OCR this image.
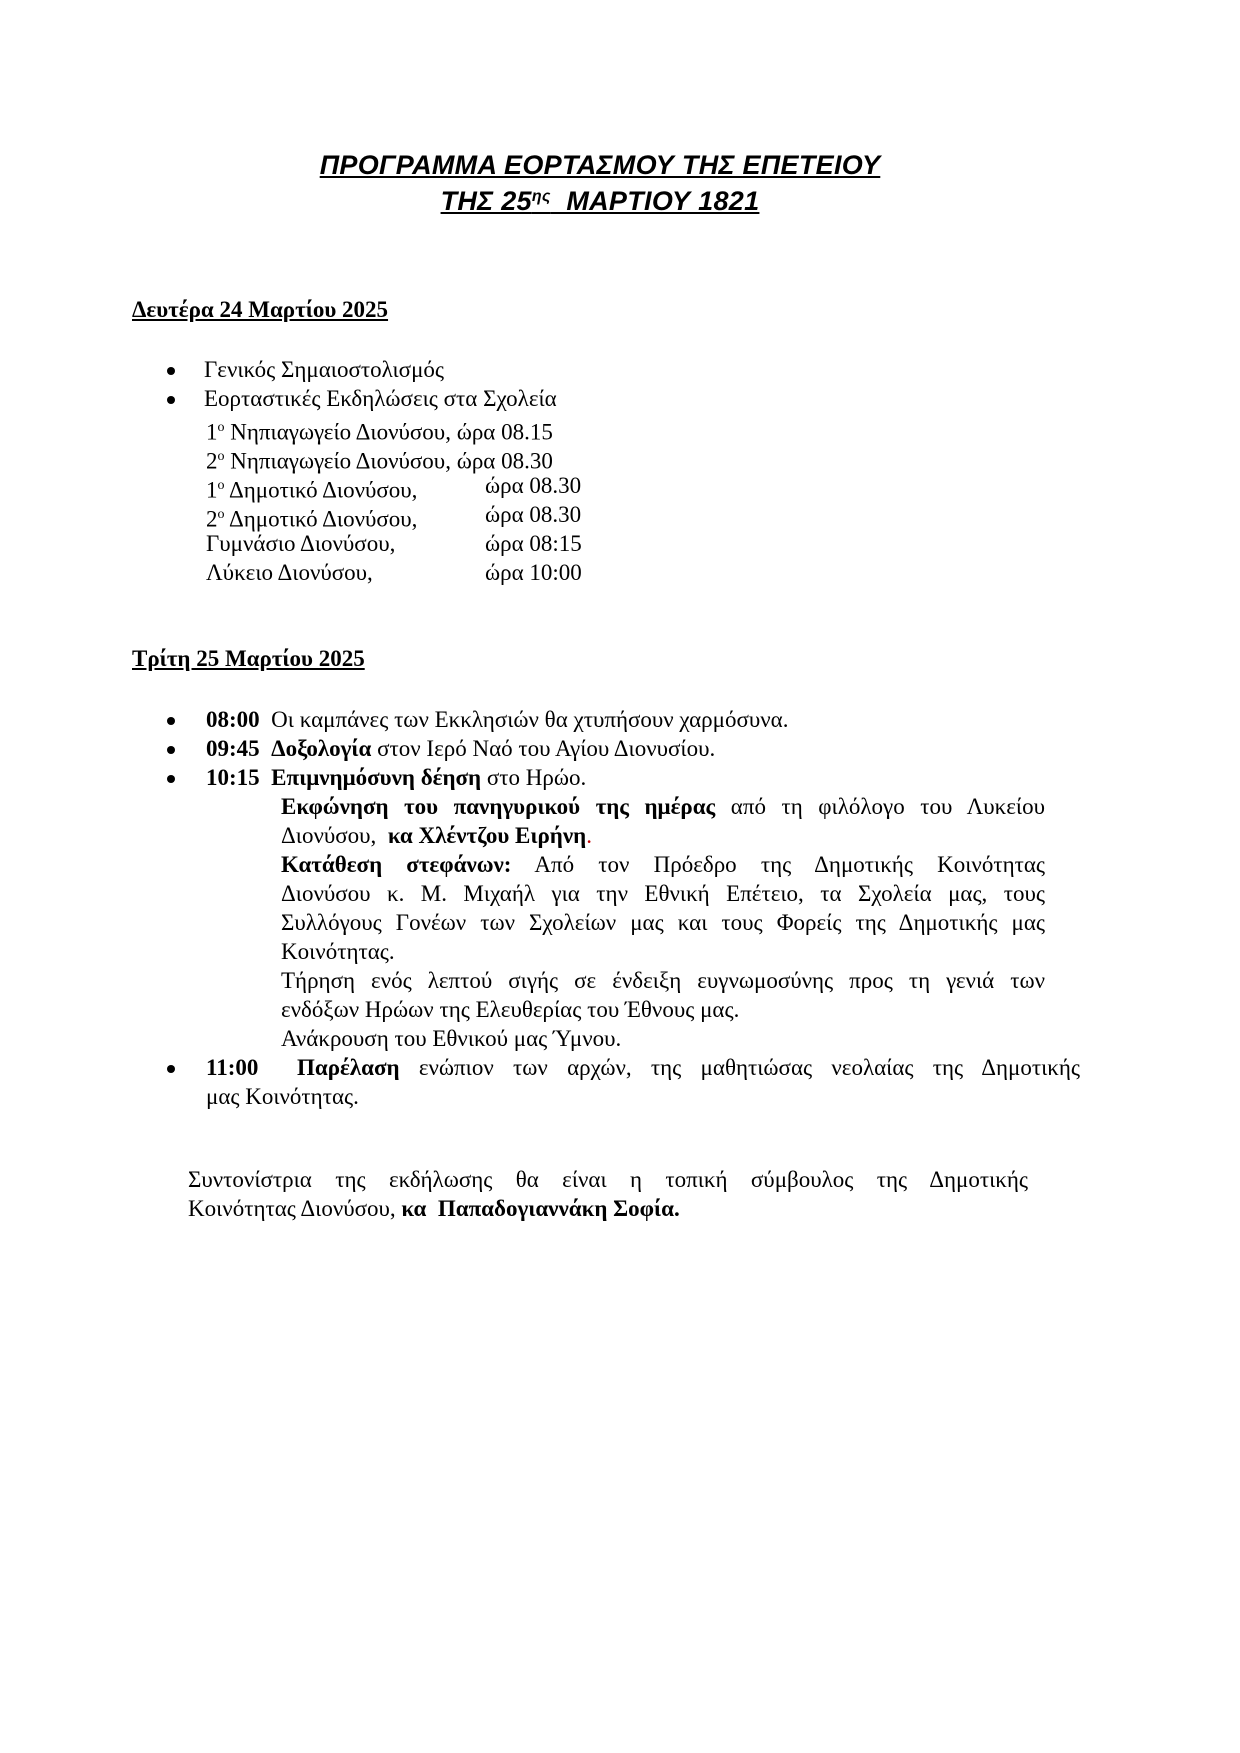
ΠΡΟΓΡΑΜΜΑ ΕΟΡΤΑΣΜΟΥ ΤΗΣ ΕΠΕΤΕΙΟΥ
ΤΗΣ $25^{\eta\varsigma}$  ΜΑΡΤΙΟΥ 1821
Δευτέρα 24 Μαρτίου 2025
Γενικός Σημαιοστολισμός
Εορταστικές Εκδηλώσεις στα Σχολεία
$1^o$ Νηπιαγωγείο Διονύσου, ώρα 08.15
$2^o$ Νηπιαγωγείο Διονύσου, ώρα 08.30
$1^o$ Δημοτικό Διονύσου,	ώρα 08.30
$2^o$ Δημοτικό Διονύσου,	ώρα 08.30
Γυμνάσιο Διονύσου,	ώρα 08:15
Λύκειο Διονύσου,	ώρα 10:00
Τρίτη 25 Μαρτίου 2025
08:00  Οι καμπάνες των Εκκλησιών θα χτυπήσουν χαρμόσυνα.
09:45 Δοξολογία στον Ιερό Ναό του Αγίου Διονυσίου.
10:15 Επιμνημόσυνη δέηση στο Ηρώο.
Εκφώνηση του πανηγυρικού της ημέρας από τη φιλόλογο του Λυκείου
Διονύσου,  κα Χλέντζου Ειρήνη.
Κατάθεση στεφάνων: Από τον Πρόεδρο της Δημοτικής Κοινότητας
Διονύσου κ. Μ. Μιχαήλ για την Εθνική Επέτειο, τα Σχολεία μας, τους
Συλλόγους Γονέων των Σχολείων μας και τους Φορείς της Δημοτικής μας
Κοινότητας.
Τήρηση ενός λεπτού σιγής σε ένδειξη ευγνωμοσύνης προς τη γενιά των
ενδόξων Ηρώων της Ελευθερίας του Έθνους μας.
Ανάκρουση του Εθνικού μας Ύμνου.
11:00 Παρέλαση ενώπιον των αρχών, της μαθητιώσας νεολαίας της Δημοτικής
μας Κοινότητας.
Συντονίστρια της εκδήλωσης θα είναι η τοπική σύμβουλος της Δημοτικής
Κοινότητας Διονύσου, κα  Παπαδογιαννάκη Σοφία.
